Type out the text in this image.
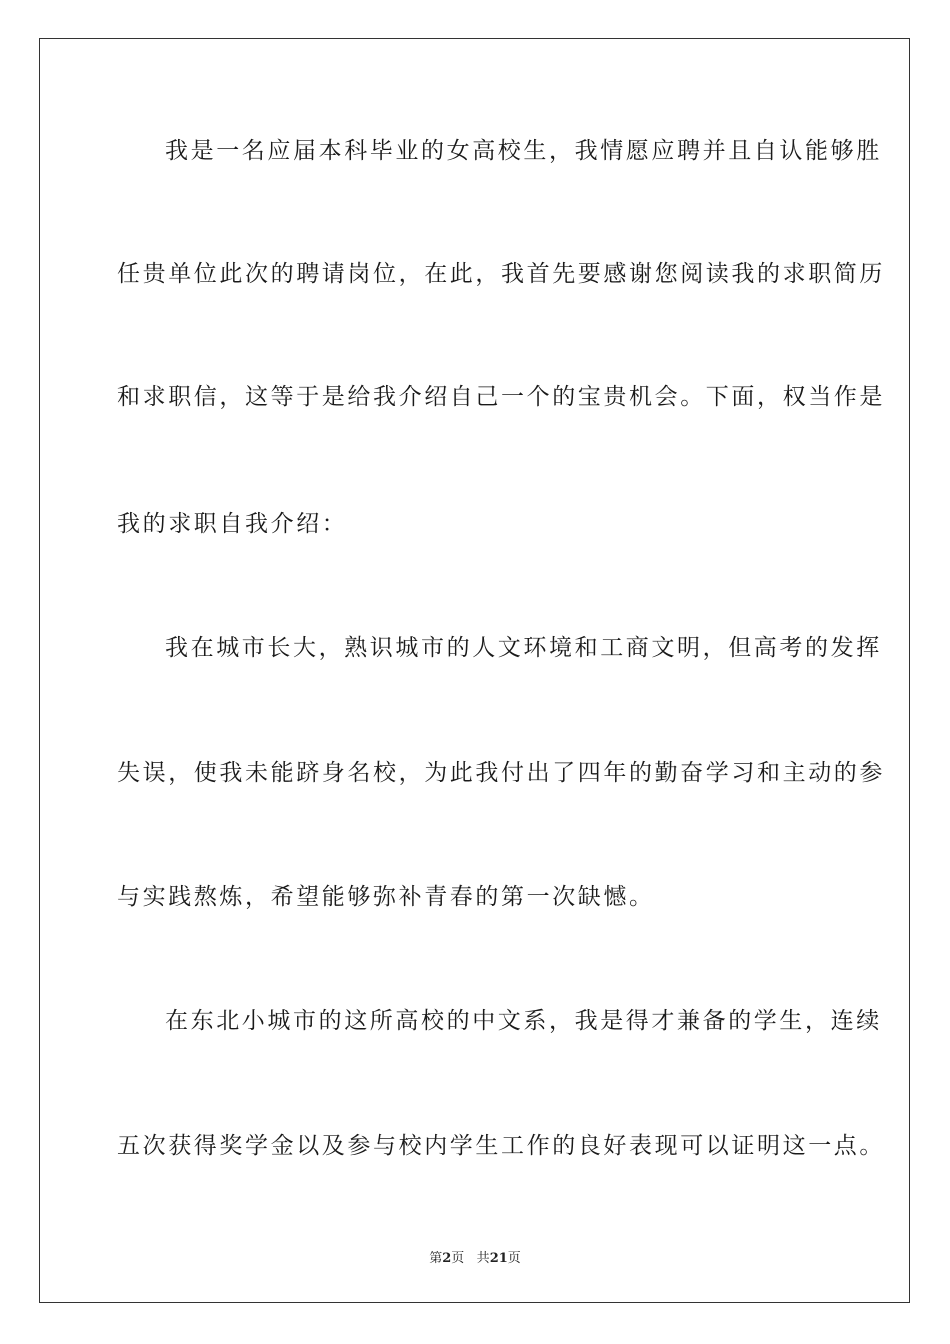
我是一名应届本科毕业的女高校生，我情愿应聘并且自认能够胜

任贵单位此次的聘请岗位，在此，我首先要感谢您阅读我的求职简历

和求职信，这等于是给我介绍自己一个的宝贵机会。下面，权当作是

我的求职自我介绍：

我在城市长大，熟识城市的人文环境和工商文明，但高考的发挥

失误，使我未能跻身名校，为此我付出了四年的勤奋学习和主动的参

与实践熬炼，希望能够弥补青春的第一次缺憾。

在东北小城市的这所高校的中文系，我是得才兼备的学生，连续

五次获得奖学金以及参与校内学生工作的良好表现可以证明这一点。

第2页 共21页
